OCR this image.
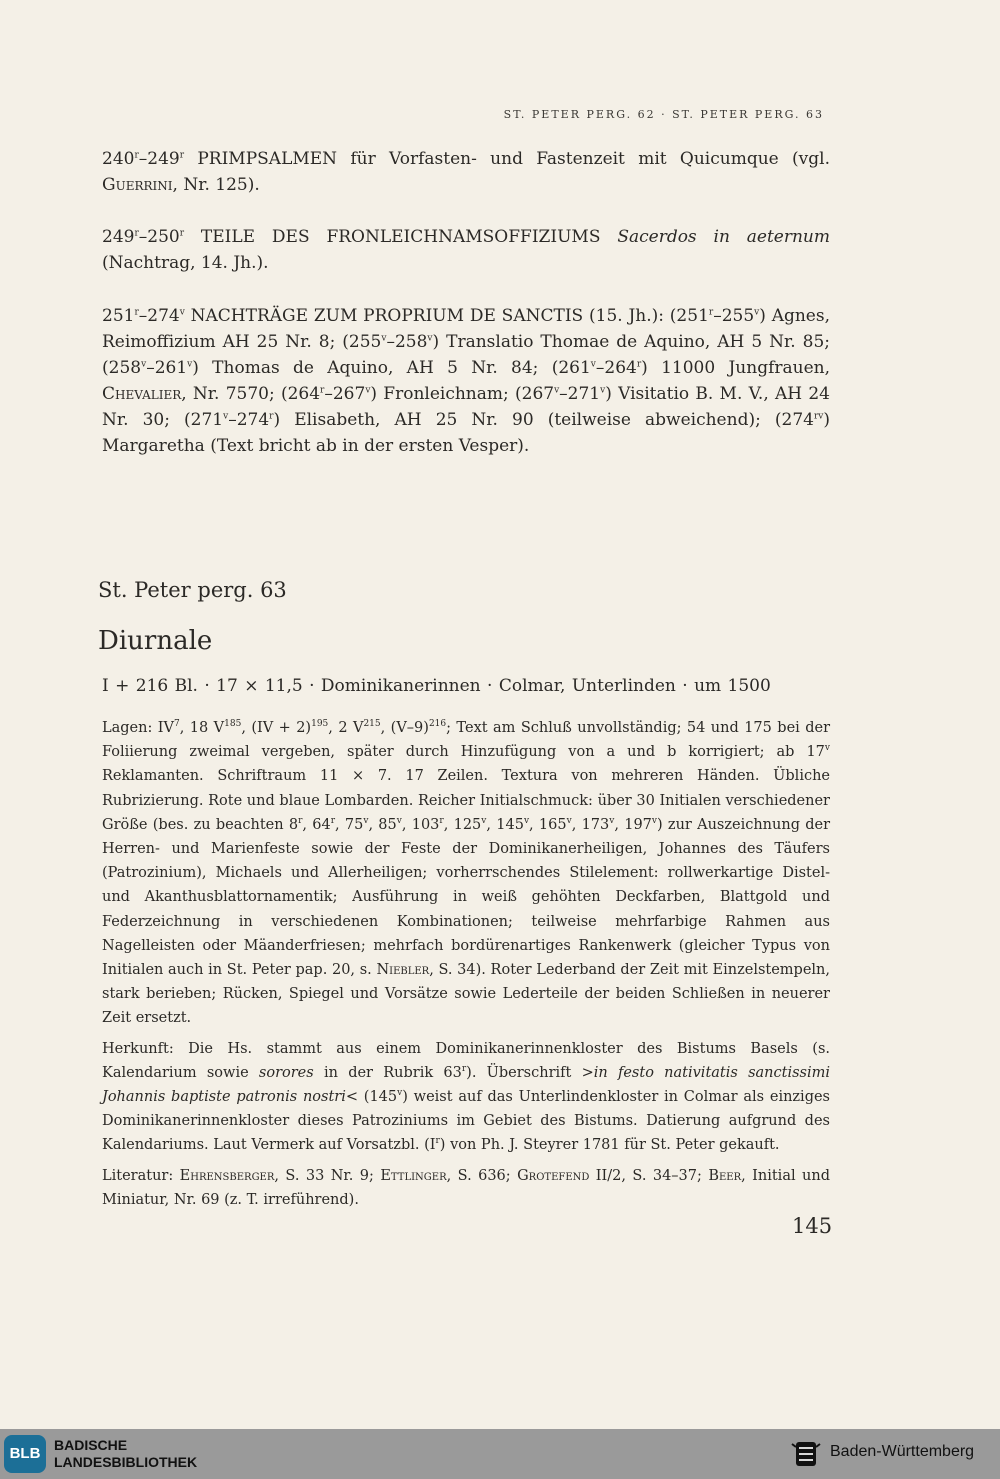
ST. PETER PERG. 62 · ST. PETER PERG. 63

240$^r$–249$^r$ PRIMPSALMEN für Vorfasten- und Fastenzeit mit Quicumque (vgl. Guerrini, Nr. 125).

249$^r$–250$^r$ TEILE DES FRONLEICHNAMSOFFIZIUMS Sacerdos in aeternum (Nachtrag, 14. Jh.).

251$^r$–274$^v$ NACHTRÄGE ZUM PROPRIUM DE SANCTIS (15. Jh.): (251$^r$–255$^v$) Agnes, Reimoffizium AH 25 Nr. 8; (255$^v$–258$^v$) Translatio Thomae de Aquino, AH 5 Nr. 85; (258$^v$–261$^v$) Thomas de Aquino, AH 5 Nr. 84; (261$^v$–264$^r$) 11000 Jungfrauen, Chevalier, Nr. 7570; (264$^r$–267$^v$) Fronleichnam; (267$^v$–271$^v$) Visitatio B. M. V., AH 24 Nr. 30; (271$^v$–274$^r$) Elisabeth, AH 25 Nr. 90 (teilweise abweichend); $(274^{rv})$ Margaretha (Text bricht ab in der ersten Vesper).

St. Peter perg. 63
Diurnale
I + 216 Bl. · 17 × 11,5 · Dominikanerinnen · Colmar, Unterlinden · um 1500

Lagen: $IV^7$, 18 $V^{185}$, (IV + 2)$^{195}$, 2 $V^{215}$, $(V-9)^{216}$; Text am Schluß unvollständig; 54 und 175 bei der Foliierung zweimal vergeben, später durch Hinzufügung von a und b korrigiert; ab 17$^v$ Reklamanten. Schriftraum 11 × 7. 17 Zeilen. Textura von mehreren Händen. Übliche Rubrizierung. Rote und blaue Lombarden. Reicher Initialschmuck: über 30 Initialen verschiedener Größe (bes. zu beachten 8$^r$, 64$^r$, 75$^v$, 85$^v$, 103$^r$, 125$^v$, 145$^v$, 165$^v$, 173$^v$, 197$^v$) zur Auszeichnung der Herren- und Marienfeste sowie der Feste der Dominikanerheiligen, Johannes des Täufers (Patrozinium), Michaels und Allerheiligen; vorherrschendes Stilelement: rollwerkartige Distel- und Akanthusblattornamentik; Ausführung in weiß gehöhten Deckfarben, Blattgold und Federzeichnung in verschiedenen Kombinationen; teilweise mehrfarbige Rahmen aus Nagelleisten oder Mäanderfriesen; mehrfach bordürenartiges Rankenwerk (gleicher Typus von Initialen auch in St. Peter pap. 20, s. Niebler, S. 34). Roter Lederband der Zeit mit Einzelstempeln, stark berieben; Rücken, Spiegel und Vorsätze sowie Lederteile der beiden Schließen in neuerer Zeit ersetzt.

Herkunft: Die Hs. stammt aus einem Dominikanerinnenkloster des Bistums Basels (s. Kalendarium sowie sorores in der Rubrik 63$^r$). Überschrift >in festo nativitatis sanctissimi Johannis baptiste patronis nostri< $(145^v)$ weist auf das Unterlindenkloster in Colmar als einziges Dominikanerinnenkloster dieses Patroziniums im Gebiet des Bistums. Datierung aufgrund des Kalendariums. Laut Vermerk auf Vorsatzbl. $(I^r)$ von Ph. J. Steyrer 1781 für St. Peter gekauft.

Literatur: Ehrensberger, S. 33 Nr. 9; Ettlinger, S. 636; Grotefend II/2, S. 34–37; Beer, Initial und Miniatur, Nr. 69 (z. T. irreführend).

145
BLB BADISCHE
LANDESBIBLIOTHEK
Baden-Württemberg
